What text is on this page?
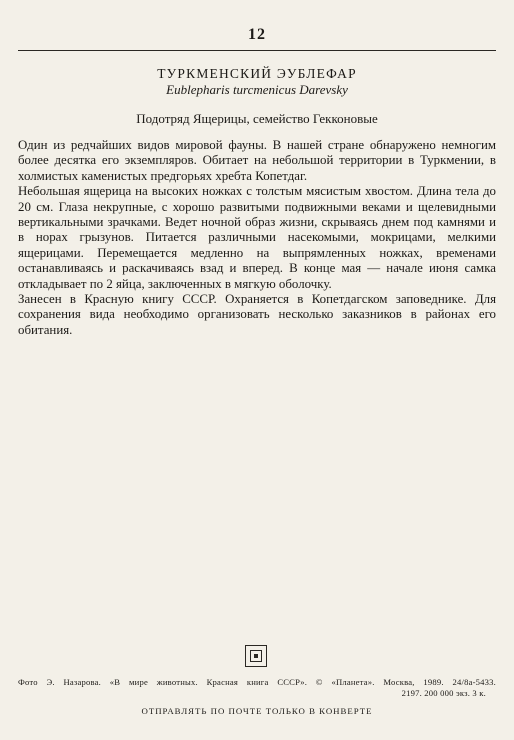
12
ТУРКМЕНСКИЙ ЭУБЛЕФАР
Eublepharis turcmenicus Darevsky
Подотряд Ящерицы, семейство Гекконовые

Один из редчайших видов мировой фауны. В нашей стране обнаружено немногим более десятка его экземпляров. Обитает на небольшой территории в Туркмении, в холмистых каменистых предгорьях хребта Копетдаг.

Небольшая ящерица на высоких ножках с толстым мясистым хвостом. Длина тела до 20 см. Глаза некрупные, с хорошо развитыми подвижными веками и щелевидными вертикальными зрачками. Ведет ночной образ жизни, скрываясь днем под камнями и в норах грызунов. Питается различными насекомыми, мокрицами, мелкими ящерицами. Перемещается медленно на выпрямленных ножках, временами останавливаясь и раскачиваясь взад и вперед. В конце мая — начале июня самка откладывает по 2 яйца, заключенных в мягкую оболочку.

Занесен в Красную книгу СССР. Охраняется в Копетдагском заповеднике. Для сохранения вида необходимо организовать несколько заказников в районах его обитания.

Фото Э. Назарова. «В мире животных. Красная книга СССР». © «Планета». Москва, 1989. 24/8а-5433.
2197. 200 000 экз. 3 к.
ОТПРАВЛЯТЬ ПО ПОЧТЕ ТОЛЬКО В КОНВЕРТЕ
